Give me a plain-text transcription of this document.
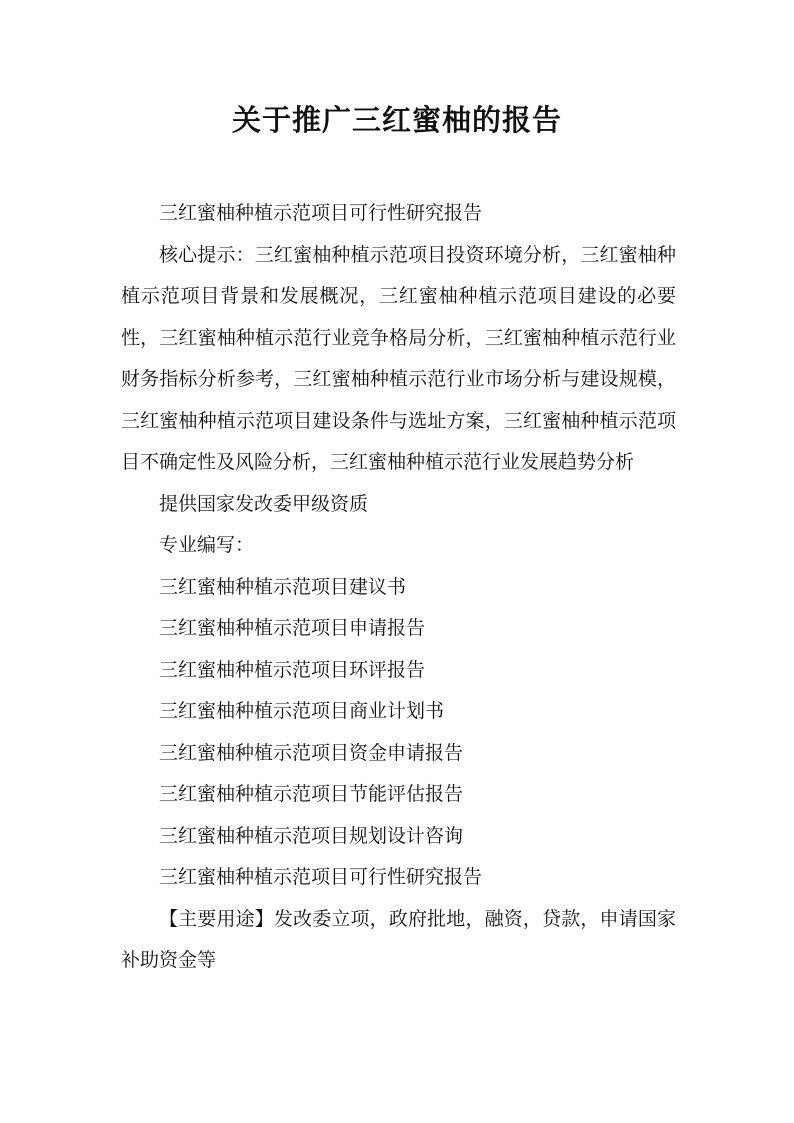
关于推广三红蜜柚的报告

三红蜜柚种植示范项目可行性研究报告

核心提示：三红蜜柚种植示范项目投资环境分析，三红蜜柚种植示范项目背景和发展概况，三红蜜柚种植示范项目建设的必要性，三红蜜柚种植示范行业竞争格局分析，三红蜜柚种植示范行业财务指标分析参考，三红蜜柚种植示范行业市场分析与建设规模，三红蜜柚种植示范项目建设条件与选址方案，三红蜜柚种植示范项目不确定性及风险分析，三红蜜柚种植示范行业发展趋势分析

提供国家发改委甲级资质

专业编写：

三红蜜柚种植示范项目建议书

三红蜜柚种植示范项目申请报告

三红蜜柚种植示范项目环评报告

三红蜜柚种植示范项目商业计划书

三红蜜柚种植示范项目资金申请报告

三红蜜柚种植示范项目节能评估报告

三红蜜柚种植示范项目规划设计咨询

三红蜜柚种植示范项目可行性研究报告

【主要用途】发改委立项，政府批地，融资，贷款，申请国家补助资金等
